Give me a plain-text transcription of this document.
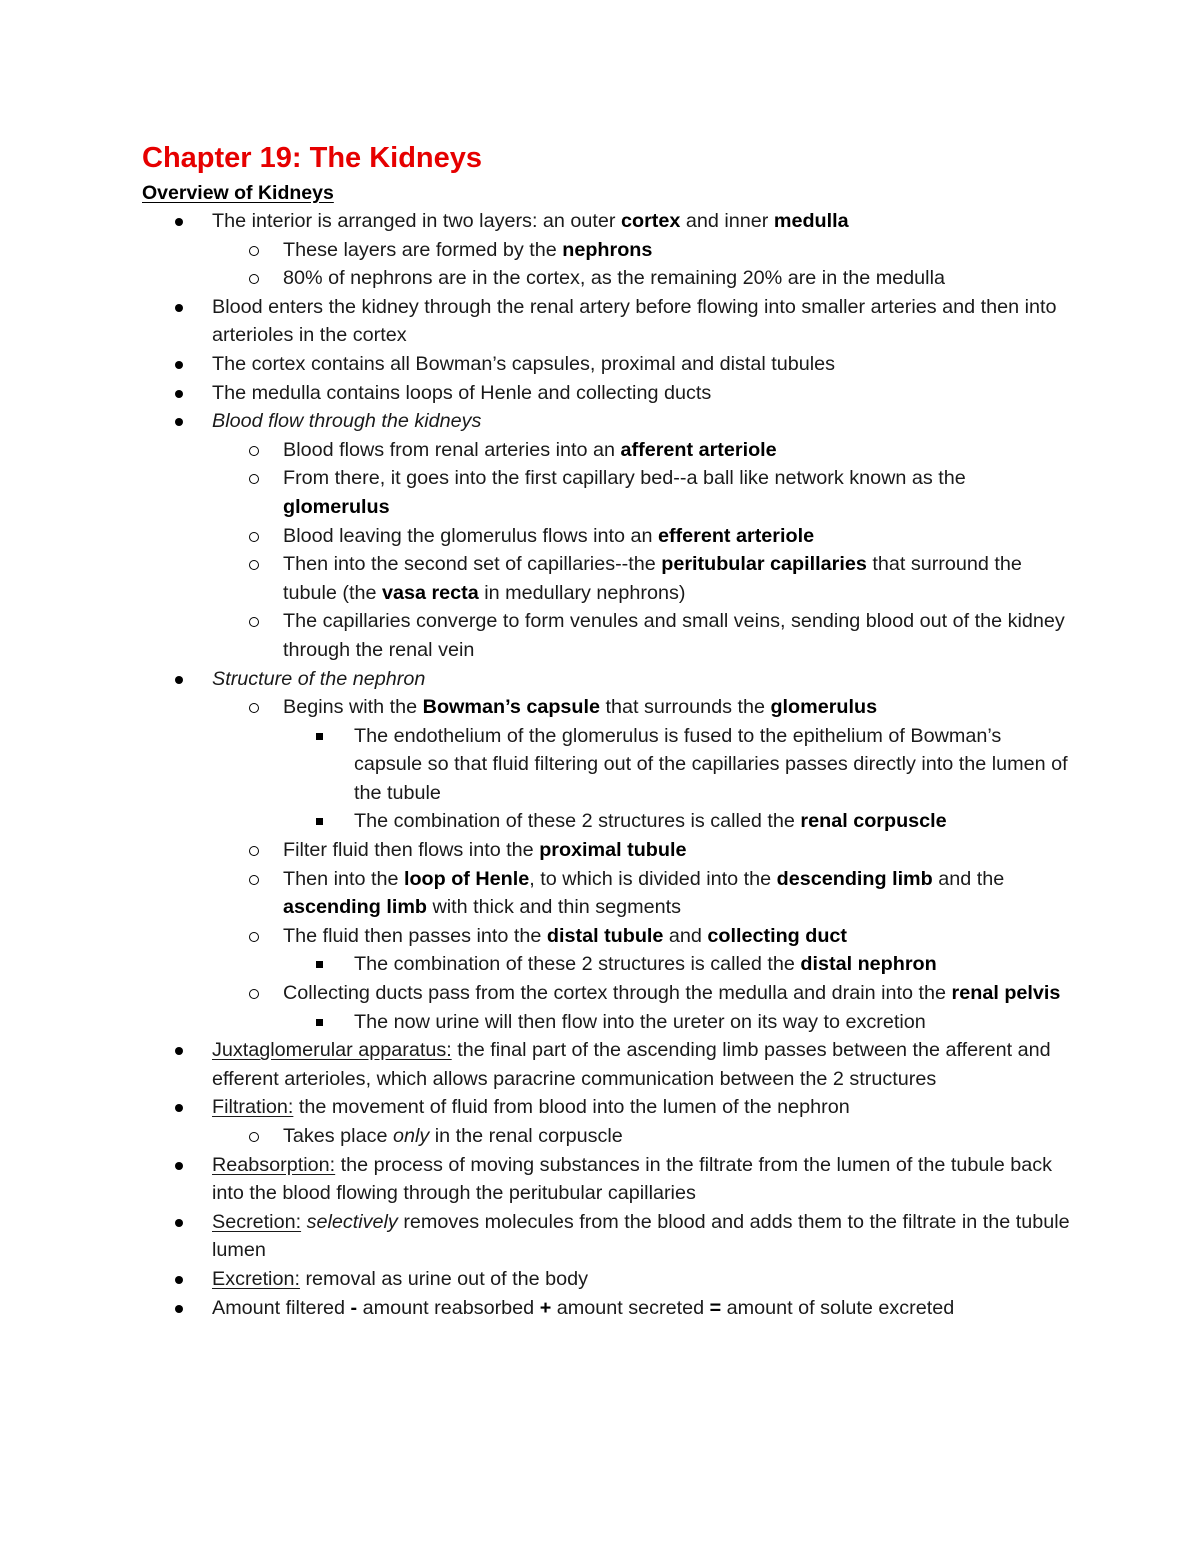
Chapter 19: The Kidneys
Overview of Kidneys
The interior is arranged in two layers: an outer cortex and inner medulla
These layers are formed by the nephrons
80% of nephrons are in the cortex, as the remaining 20% are in the medulla
Blood enters the kidney through the renal artery before flowing into smaller arteries and then into arterioles in the cortex
The cortex contains all Bowman’s capsules, proximal and distal tubules
The medulla contains loops of Henle and collecting ducts
Blood flow through the kidneys
Blood flows from renal arteries into an afferent arteriole
From there, it goes into the first capillary bed--a ball like network known as the glomerulus
Blood leaving the glomerulus flows into an efferent arteriole
Then into the second set of capillaries--the peritubular capillaries that surround the tubule (the vasa recta in medullary nephrons)
The capillaries converge to form venules and small veins, sending blood out of the kidney through the renal vein
Structure of the nephron
Begins with the Bowman’s capsule that surrounds the glomerulus
The endothelium of the glomerulus is fused to the epithelium of Bowman’s capsule so that fluid filtering out of the capillaries passes directly into the lumen of the tubule
The combination of these 2 structures is called the renal corpuscle
Filter fluid then flows into the proximal tubule
Then into the loop of Henle, to which is divided into the descending limb and the ascending limb with thick and thin segments
The fluid then passes into the distal tubule and collecting duct
The combination of these 2 structures is called the distal nephron
Collecting ducts pass from the cortex through the medulla and drain into the renal pelvis
The now urine will then flow into the ureter on its way to excretion
Juxtaglomerular apparatus: the final part of the ascending limb passes between the afferent and efferent arterioles, which allows paracrine communication between the 2 structures
Filtration: the movement of fluid from blood into the lumen of the nephron
Takes place only in the renal corpuscle
Reabsorption: the process of moving substances in the filtrate from the lumen of the tubule back into the blood flowing through the peritubular capillaries
Secretion: selectively removes molecules from the blood and adds them to the filtrate in the tubule lumen
Excretion: removal as urine out of the body
Amount filtered - amount reabsorbed + amount secreted = amount of solute excreted
